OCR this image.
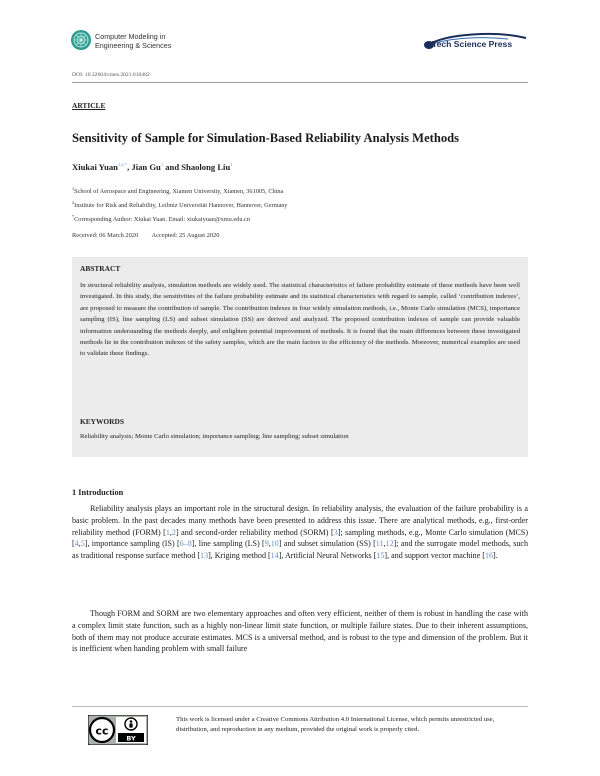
Computer Modeling in
Engineering & Sciences	Tech Science Press
DOI: 10.32604/cmes.2021.010482
ARTICLE
Sensitivity of Sample for Simulation-Based Reliability Analysis Methods
Xiukai Yuan$^{1,2,*}$, Jian Gu$^1$ and Shaolong Liu$^1$
$^1$School of Aerospace and Engineering, Xiamen University, Xiamen, 361005, China
$^2$Institute for Risk and Reliability, Leibniz Universität Hannover, Hannover, Germany
*Corresponding Author: Xiukai Yuan. Email: xiukaiyuan@xmu.edu.cn
Received: 06 March 2020 Accepted: 25 August 2020
ABSTRACT
In structural reliability analysis, simulation methods are widely used. The statistical characteristics of failure probability estimate of these methods have been well investigated. In this study, the sensitivities of the failure probability estimate and its statistical characteristics with regard to sample, called ‘contribution indexes’, are proposed to measure the contribution of sample. The contribution indexes in four widely simulation methods, i.e., Monte Carlo simulation (MCS), importance sampling (IS), line sampling (LS) and subset simulation (SS) are derived and analyzed. The proposed contribution indexes of sample can provide valuable information understanding the methods deeply, and enlighten potential improvement of methods. It is found that the main differences between these investigated methods lie in the contribution indexes of the safety samples, which are the main factors to the efficiency of the methods. Moreover, numerical examples are used to validate these findings.
KEYWORDS
Reliability analysis; Monte Carlo simulation; importance sampling; line sampling; subset simulation
1 Introduction
Reliability analysis plays an important role in the structural design. In reliability analysis, the evaluation of the failure probability is a basic problem. In the past decades many methods have been presented to address this issue. There are analytical methods, e.g., first-order reliability method (FORM) [1,2] and second-order reliability method (SORM) [3]; sampling methods, e.g., Monte Carlo simulation (MCS) [4,5], importance sampling (IS) [6–8], line sampling (LS) [9,10] and subset simulation (SS) [11,12]; and the surrogate model methods, such as traditional response surface method [13], Kriging method [14], Artificial Neural Networks [15], and support vector machine [16].
Though FORM and SORM are two elementary approaches and often very efficient, neither of them is robust in handling the case with a complex limit state function, such as a highly non-linear limit state function, or multiple failure states. Due to their inherent assumptions, both of them may not produce accurate estimates. MCS is a universal method, and is robust to the type and dimension of the problem. But it is inefficient when handing problem with small failure
cc
BY
This work is licensed under a Creative Commons Attribution 4.0 International License, which permits unrestricted use, distribution, and reproduction in any medium, provided the original work is properly cited.
